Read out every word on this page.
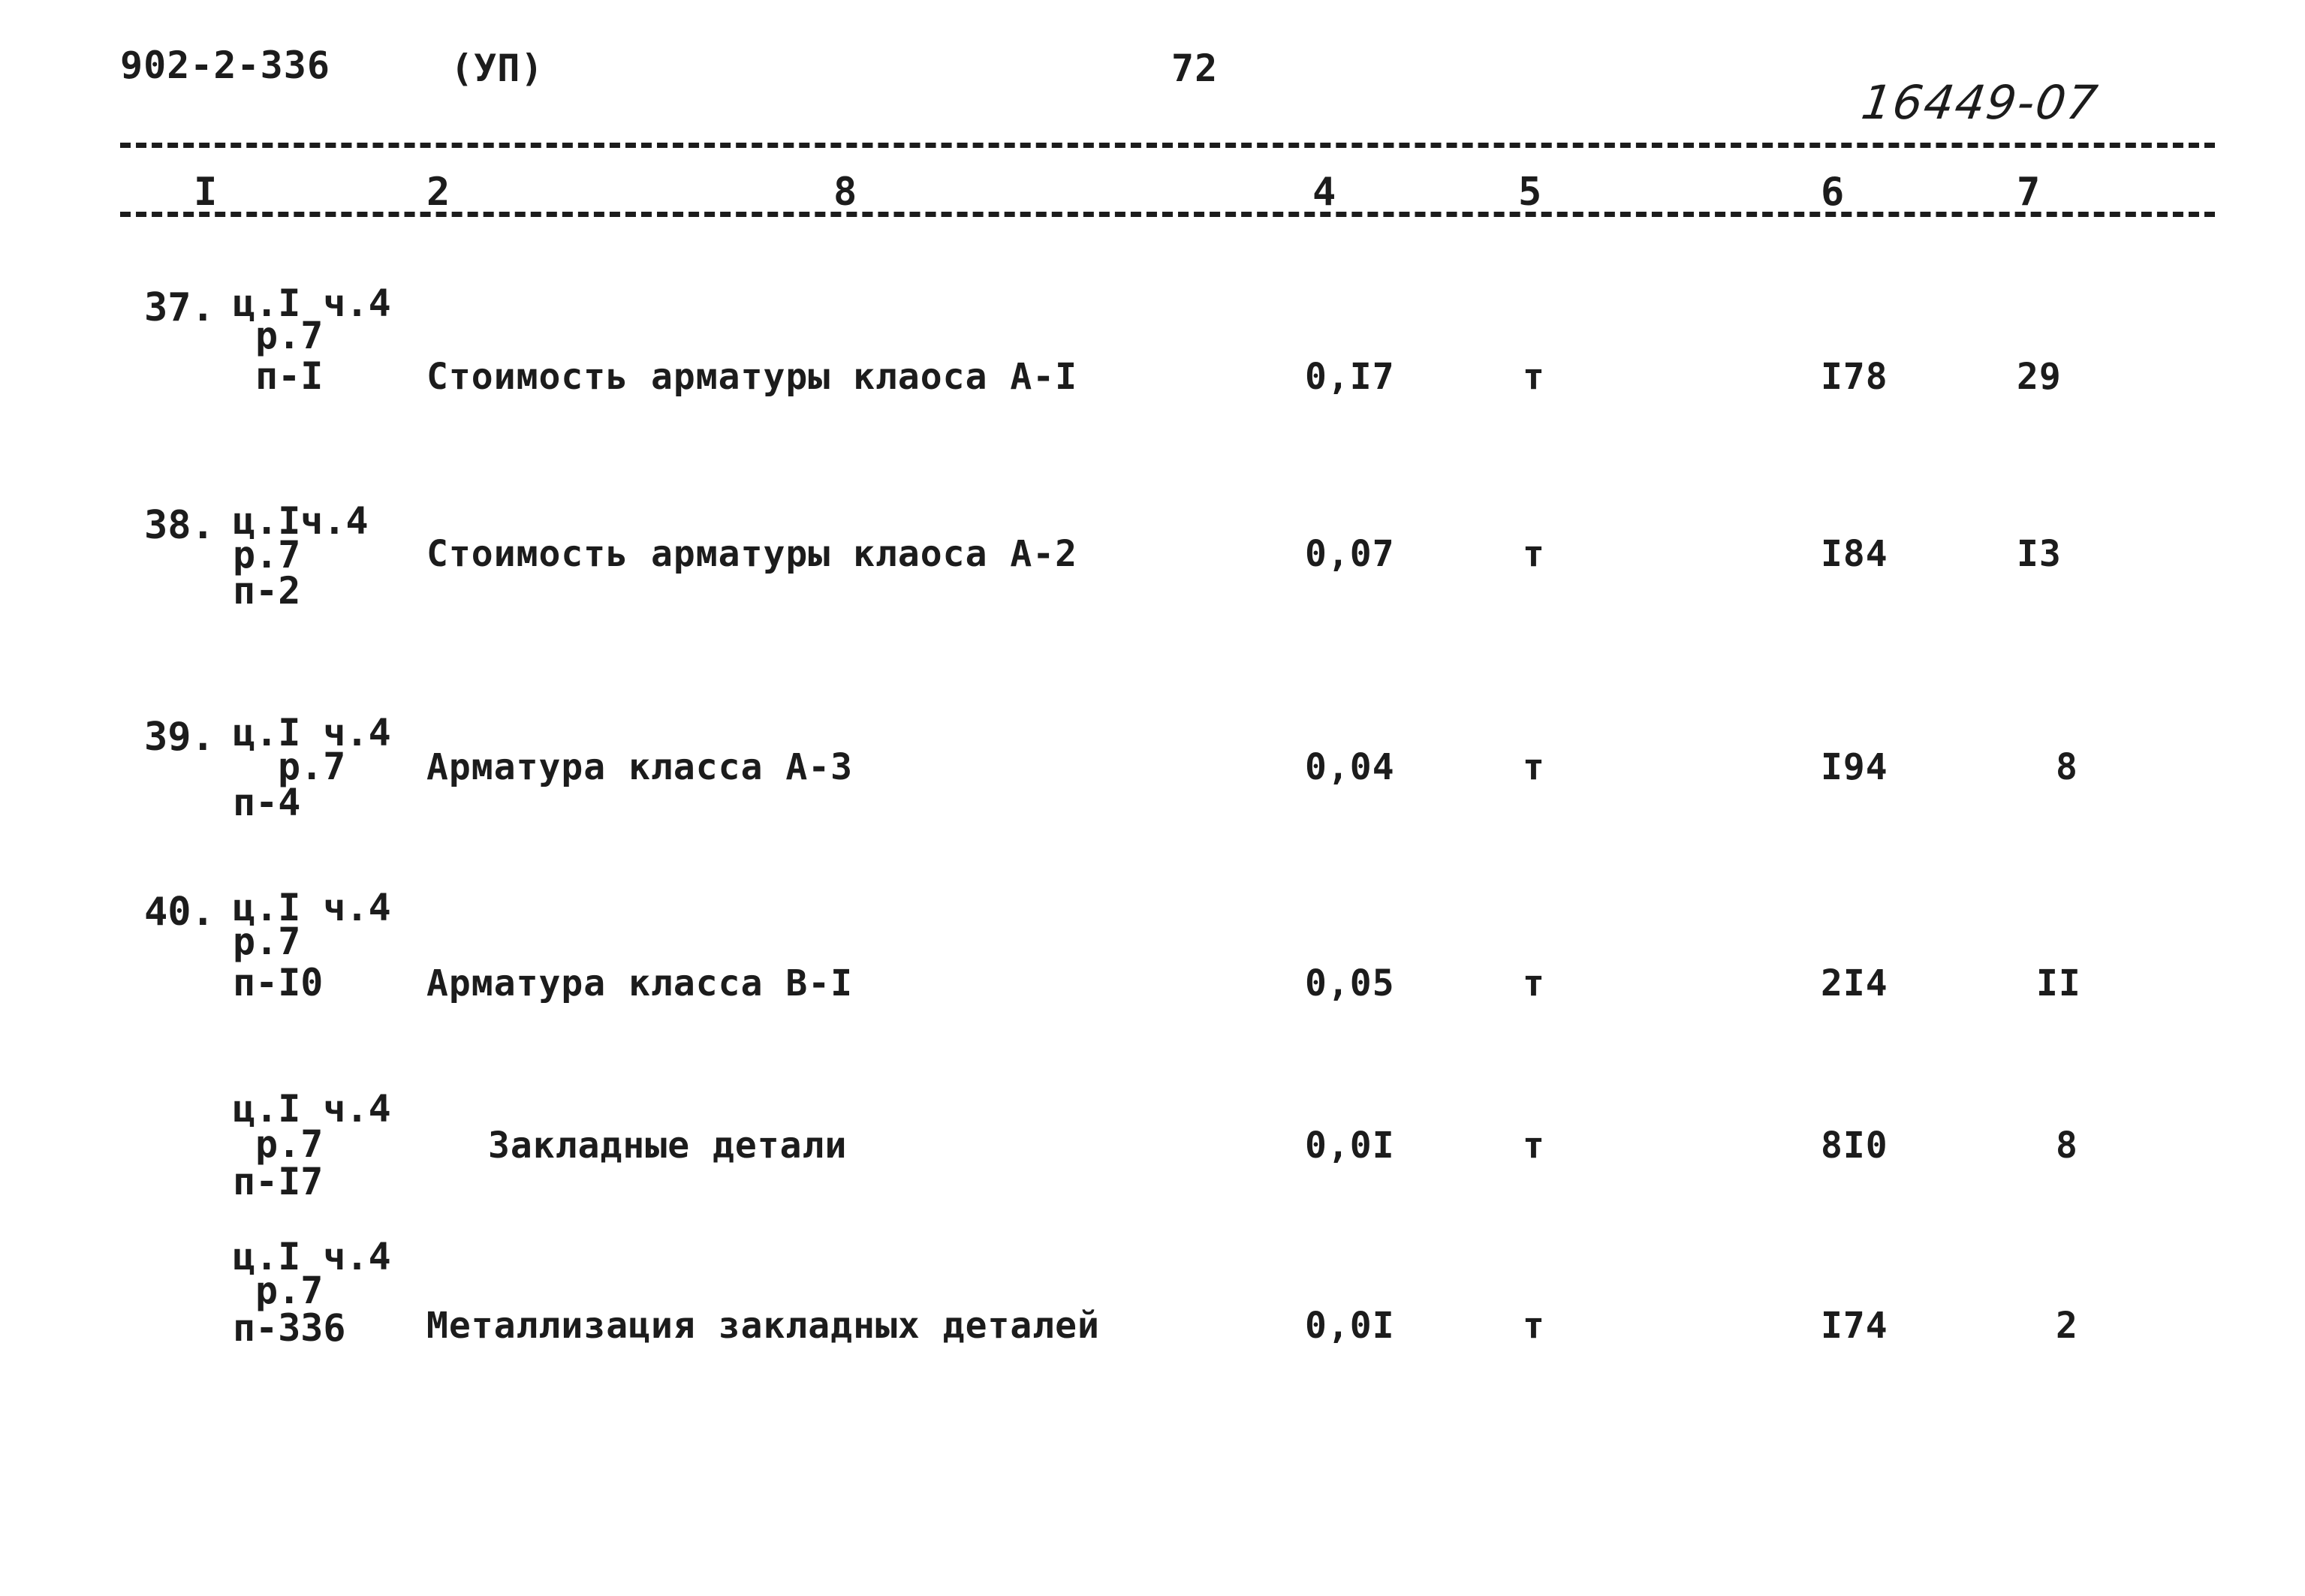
902-2-336	(УП)	72
16449-07
I	2	8	4	5	6	7
37. ц.I ч.4
р.7
п-I	Стоимость арматуры клаоса А-I	0,I7	т	I78	29
38. ц.Iч.4
р.7
п-2
Стоимость арматуры клаоса А-2	0,07	т	I84	I3
39. ц.I ч.4
р.7
п-4
Арматура класса А-3	0,04	т	I94	8
40. ц.I ч.4
р.7
п-I0	Арматура класса В-I	0,05	т	2I4	II
ц.I ч.4
р.7
п-I7
Закладные детали	0,0I	т	8I0	8
ц.I ч.4
р.7
п-336 Металлизация закладных деталей	0,0I	т	I74	2
